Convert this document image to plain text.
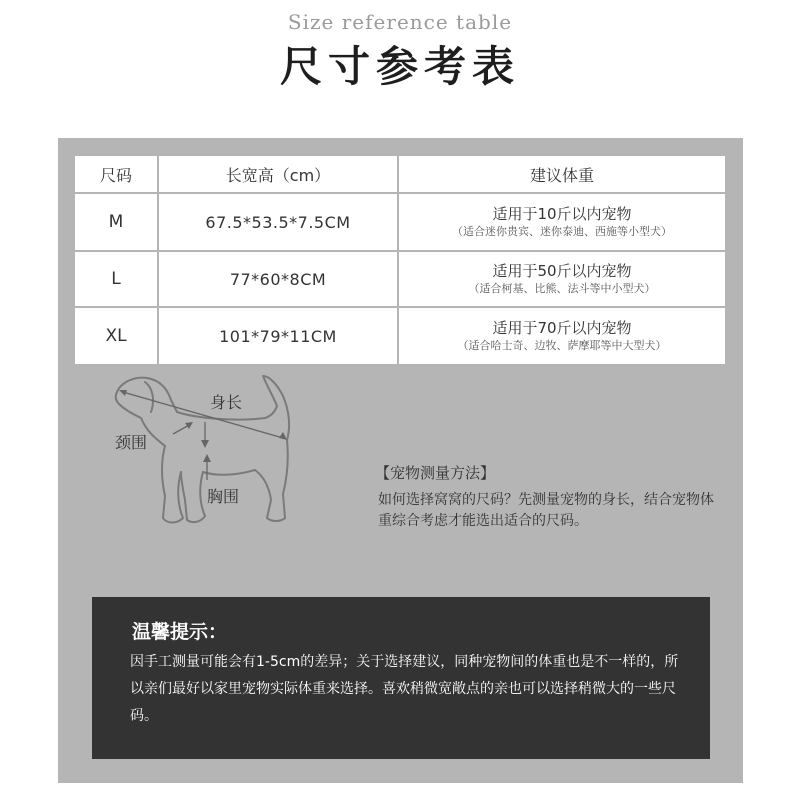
Size reference table
尺寸参考表
尺码	长宽高（cm）	建议体重
M	67.5*53.5*7.5CM	适用于10斤以内宠物
（适合迷你贵宾、迷你泰迪、西施等小型犬）

L	77*60*8CM	适用于50斤以内宠物
（适合柯基、比熊、法斗等中小型犬）

XL	101*79*11CM	适用于70斤以内宠物
（适合哈士奇、边牧、萨摩耶等中大型犬）
身长
颈围
胸围
【宠物测量方法】
如何选择窝窝的尺码？先测量宠物的身长，结合宠物体重综合考虑才能选出适合的尺码。
温馨提示：
因手工测量可能会有1-5cm的差异；关于选择建议，同种宠物间的体重也是不一样的，所以亲们最好以家里宠物实际体重来选择。喜欢稍微宽敞点的亲也可以选择稍微大的一些尺码。
